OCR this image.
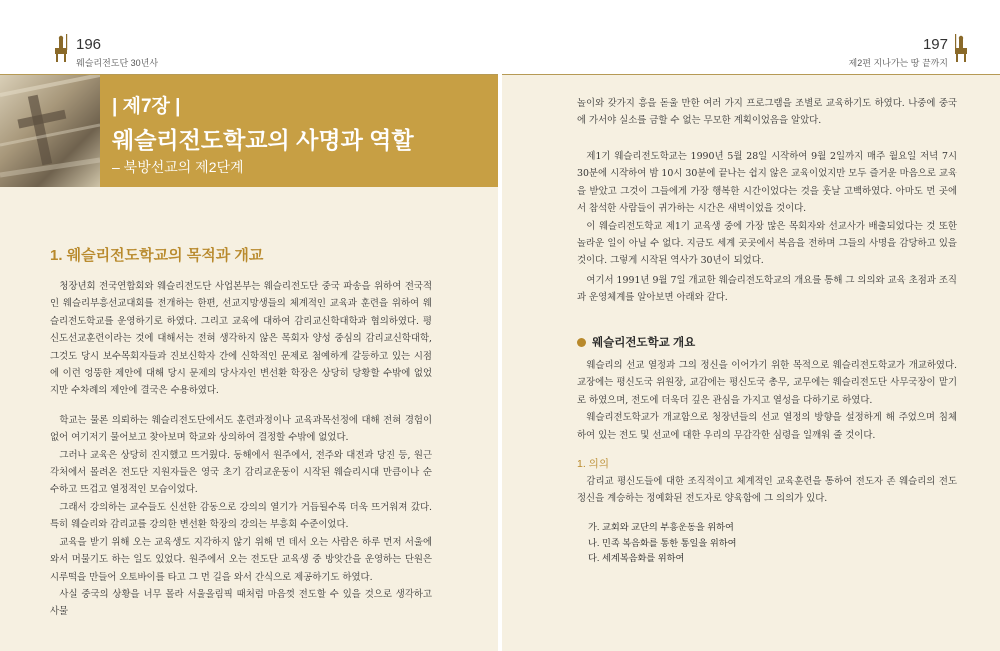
196
웨슬리전도단 30년사
| 제7장 |
웨슬리전도학교의 사명과 역할
– 북방선교의 제2단계
1. 웨슬리전도학교의 목적과 개교

청장년회 전국연합회와 웨슬리전도단 사업본부는 웨슬리전도단 중국 파송을 위하여 전국적인 웨슬리부흥선교대회를 전개하는 한편, 선교지망생들의 체계적인 교육과 훈련을 위하여 웨슬리전도학교를 운영하기로 하였다. 그리고 교육에 대하여 감리교신학대학과 협의하였다. 평신도선교훈련이라는 것에 대해서는 전혀 생각하지 않은 목회자 양성 중심의 감리교신학대학, 그것도 당시 보수목회자들과 진보신학자 간에 신학적인 문제로 첨예하게 갈등하고 있는 시점에 이런 엉뚱한 제안에 대해 당시 문제의 당사자인 변선환 학장은 상당히 당황할 수밖에 없었지만 수차례의 제안에 결국은 수용하였다.

학교는 물론 의뢰하는 웨슬리전도단에서도 훈련과정이나 교육과목선정에 대해 전혀 경험이 없어 여기저기 물어보고 찾아보며 학교와 상의하여 결정할 수밖에 없었다.

그러나 교육은 상당히 진지했고 뜨거웠다. 동해에서 원주에서, 전주와 대전과 당진 등, 원근 각처에서 몰려온 전도단 지원자들은 영국 초기 감리교운동이 시작된 웨슬리시대 만큼이나 순수하고 뜨겁고 열정적인 모습이었다.

그래서 강의하는 교수들도 신선한 감동으로 강의의 열기가 거듭될수록 더욱 뜨거워져 갔다. 특히 웨슬리와 감리교를 강의한 변선환 학장의 강의는 부흥회 수준이었다.

교육을 받기 위해 오는 교육생도 지각하지 않기 위해 먼 데서 오는 사람은 하루 먼저 서울에 와서 머물기도 하는 일도 있었다. 원주에서 오는 전도단 교육생 중 방앗간을 운영하는 단원은 시루떡을 만들어 오토바이를 타고 그 먼 길을 와서 간식으로 제공하기도 하였다.

사실 중국의 상황을 너무 몰라 서울올림픽 때처럼 마음껏 전도할 수 있을 것으로 생각하고 사물

197
제2편 지나가는 땅 끝까지

놀이와 갖가지 흥을 돋울 만한 여러 가지 프로그램을 조별로 교육하기도 하였다. 나중에 중국에 가서야 실소를 금할 수 없는 무모한 계획이었음을 알았다.

제1기 웨슬리전도학교는 1990년 5월 28일 시작하여 9월 2일까지 매주 월요일 저녁 7시 30분에 시작하여 밤 10시 30분에 끝나는 쉽지 않은 교육이었지만 모두 즐거운 마음으로 교육을 받았고 그것이 그들에게 가장 행복한 시간이었다는 것을 훗날 고백하였다. 아마도 먼 곳에서 참석한 사람들이 귀가하는 시간은 새벽이었을 것이다.

이 웨슬리전도학교 제1기 교육생 중에 가장 많은 목회자와 선교사가 배출되었다는 것 또한 놀라운 일이 아닐 수 없다. 지금도 세계 곳곳에서 복음을 전하며 그들의 사명을 감당하고 있을 것이다. 그렇게 시작된 역사가 30년이 되었다.

여기서 1991년 9월 7일 개교한 웨슬리전도학교의 개요를 통해 그 의의와 교육 초점과 조직과 운영체계를 알아보면 아래와 같다.

웨슬리전도학교 개요

웨슬리의 선교 열정과 그의 정신을 이어가기 위한 목적으로 웨슬리전도학교가 개교하였다. 교장에는 평신도국 위원장, 교감에는 평신도국 총무, 교무에는 웨슬리전도단 사무국장이 맡기로 하였으며, 전도에 더욱더 깊은 관심을 가지고 열성을 다하기로 하였다.

웨슬리전도학교가 개교함으로 청장년들의 선교 열정의 방향을 설정하게 해 주었으며 침체하여 있는 전도 및 선교에 대한 우리의 무감각한 심령을 일깨워 줄 것이다.

1. 의의

감리교 평신도들에 대한 조직적이고 체계적인 교육훈련을 통하여 전도자 존 웨슬리의 전도 정신을 계승하는 정예화된 전도자로 양육함에 그 의의가 있다.

가. 교회와 교단의 부흥운동을 위하여
나. 민족 복음화를 통한 통일을 위하여
다. 세계복음화를 위하여
